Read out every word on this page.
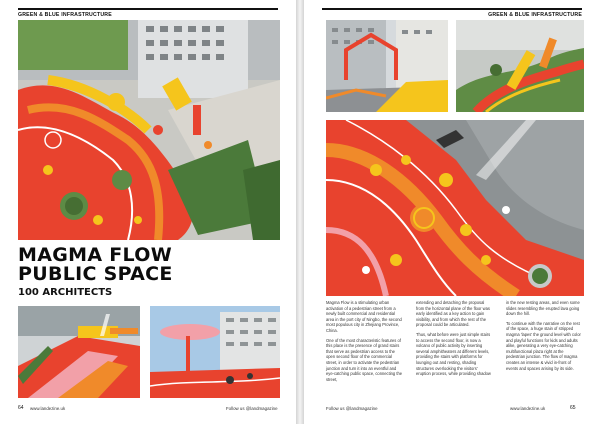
GREEN & BLUE INFRASTRUCTURE
MAGMA FLOW
PUBLIC SPACE
100 ARCHITECTS
64 www.landezine.uk	Follow us @landmagazine
GREEN & BLUE INFRASTRUCTURE

Magma Flow is a stimulating urban activation of a pedestrian street from a newly built commercial and residential area in the port city of Ningbo, the second most populous city in Zhejiang Province, China.

One of the most characteristic features of this place is the presence of grand stairs that serve as pedestrian access to the open second floor of the commercial street, in order to activate the pedestrian junction and turn it into an eventful and eye-catching public space, connecting the street,

extending and detaching the proposal from the horizontal plane of the floor was early identified as a key action to gain visibility, and from which the rest of the proposal could be articulated.

Thus, what before were just simple stairs to access the second floor, is now a volcano of public activity by inserting several amphitheaters at different levels, providing the stairs with platforms for lounging out and resting, shading structures overlooking the visitors' eruption process, while providing shadow

in the new resting areas, and even some slides resembling the erupted lava going down the hill.

To continue with the narrative on the rest of the space, a huge stain of stripped magma 'lapes' the ground level with color and playful functions for kids and adults alike, generating a very eye-catching multifunctional plaza right at the pedestrian junction. The flow of magma creates an intense & vivid in-front of events and spaces arising by its side.

Follow us @landmagazine	www.landezine.uk	65
